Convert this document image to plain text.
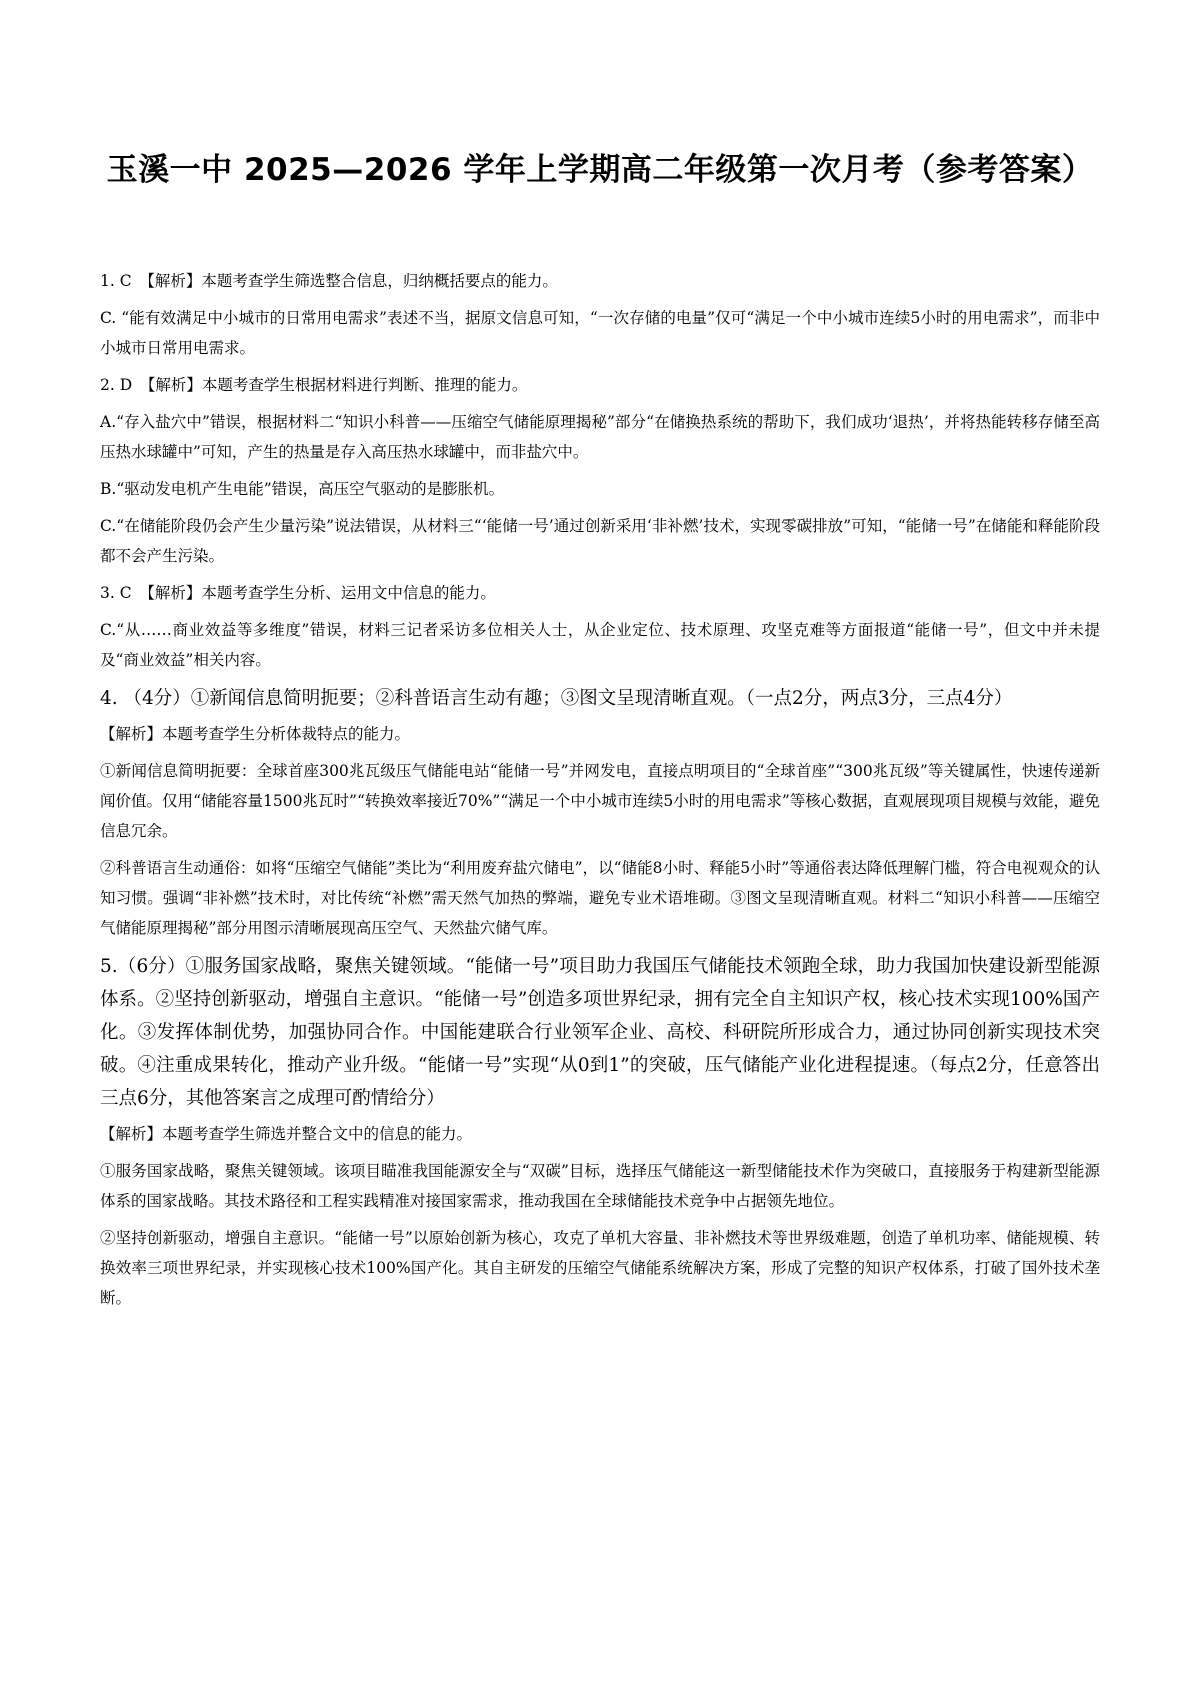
玉溪一中 2025—2026 学年上学期高二年级第一次月考（参考答案）

1. C　【解析】本题考查学生筛选整合信息，归纳概括要点的能力。

C. “能有效满足中小城市的日常用电需求”表述不当，据原文信息可知，“一次存储的电量”仅可“满足一个中小城市连续5小时的用电需求”，而非中小城市日常用电需求。

2. D　【解析】本题考查学生根据材料进行判断、推理的能力。

A.“存入盐穴中”错误，根据材料二“知识小科普——压缩空气储能原理揭秘”部分“在储换热系统的帮助下，我们成功‘退热’，并将热能转移存储至高压热水球罐中”可知，产生的热量是存入高压热水球罐中，而非盐穴中。

B.“驱动发电机产生电能”错误，高压空气驱动的是膨胀机。

C.“在储能阶段仍会产生少量污染”说法错误，从材料三“‘能储一号’通过创新采用‘非补燃’技术，实现零碳排放”可知，“能储一号”在储能和释能阶段都不会产生污染。

3. C　【解析】本题考查学生分析、运用文中信息的能力。

C.“从……商业效益等多维度”错误，材料三记者采访多位相关人士，从企业定位、技术原理、攻坚克难等方面报道“能储一号”，但文中并未提及“商业效益”相关内容。

4. （4分）①新闻信息简明扼要；②科普语言生动有趣；③图文呈现清晰直观。（一点2分，两点3分，三点4分）

【解析】本题考查学生分析体裁特点的能力。

①新闻信息简明扼要：全球首座300兆瓦级压气储能电站“能储一号”并网发电，直接点明项目的“全球首座”“300兆瓦级”等关键属性，快速传递新闻价值。仅用“储能容量1500兆瓦时”“转换效率接近70%”“满足一个中小城市连续5小时的用电需求”等核心数据，直观展现项目规模与效能，避免信息冗余。

②科普语言生动通俗：如将“压缩空气储能”类比为“利用废弃盐穴储电”，以“储能8小时、释能5小时”等通俗表达降低理解门槛，符合电视观众的认知习惯。强调“非补燃”技术时，对比传统“补燃”需天然气加热的弊端，避免专业术语堆砌。③图文呈现清晰直观。材料二“知识小科普——压缩空气储能原理揭秘”部分用图示清晰展现高压空气、天然盐穴储气库。

5.（6分）①服务国家战略，聚焦关键领域。“能储一号”项目助力我国压气储能技术领跑全球，助力我国加快建设新型能源体系。②坚持创新驱动，增强自主意识。“能储一号”创造多项世界纪录，拥有完全自主知识产权，核心技术实现100%国产化。③发挥体制优势，加强协同合作。中国能建联合行业领军企业、高校、科研院所形成合力，通过协同创新实现技术突破。④注重成果转化，推动产业升级。“能储一号”实现“从0到1”的突破，压气储能产业化进程提速。（每点2分，任意答出三点6分，其他答案言之成理可酌情给分）

【解析】本题考查学生筛选并整合文中的信息的能力。

①服务国家战略，聚焦关键领域。该项目瞄准我国能源安全与“双碳”目标，选择压气储能这一新型储能技术作为突破口，直接服务于构建新型能源体系的国家战略。其技术路径和工程实践精准对接国家需求，推动我国在全球储能技术竞争中占据领先地位。

②坚持创新驱动，增强自主意识。“能储一号”以原始创新为核心，攻克了单机大容量、非补燃技术等世界级难题，创造了单机功率、储能规模、转换效率三项世界纪录，并实现核心技术100%国产化。其自主研发的压缩空气储能系统解决方案，形成了完整的知识产权体系，打破了国外技术垄断。
